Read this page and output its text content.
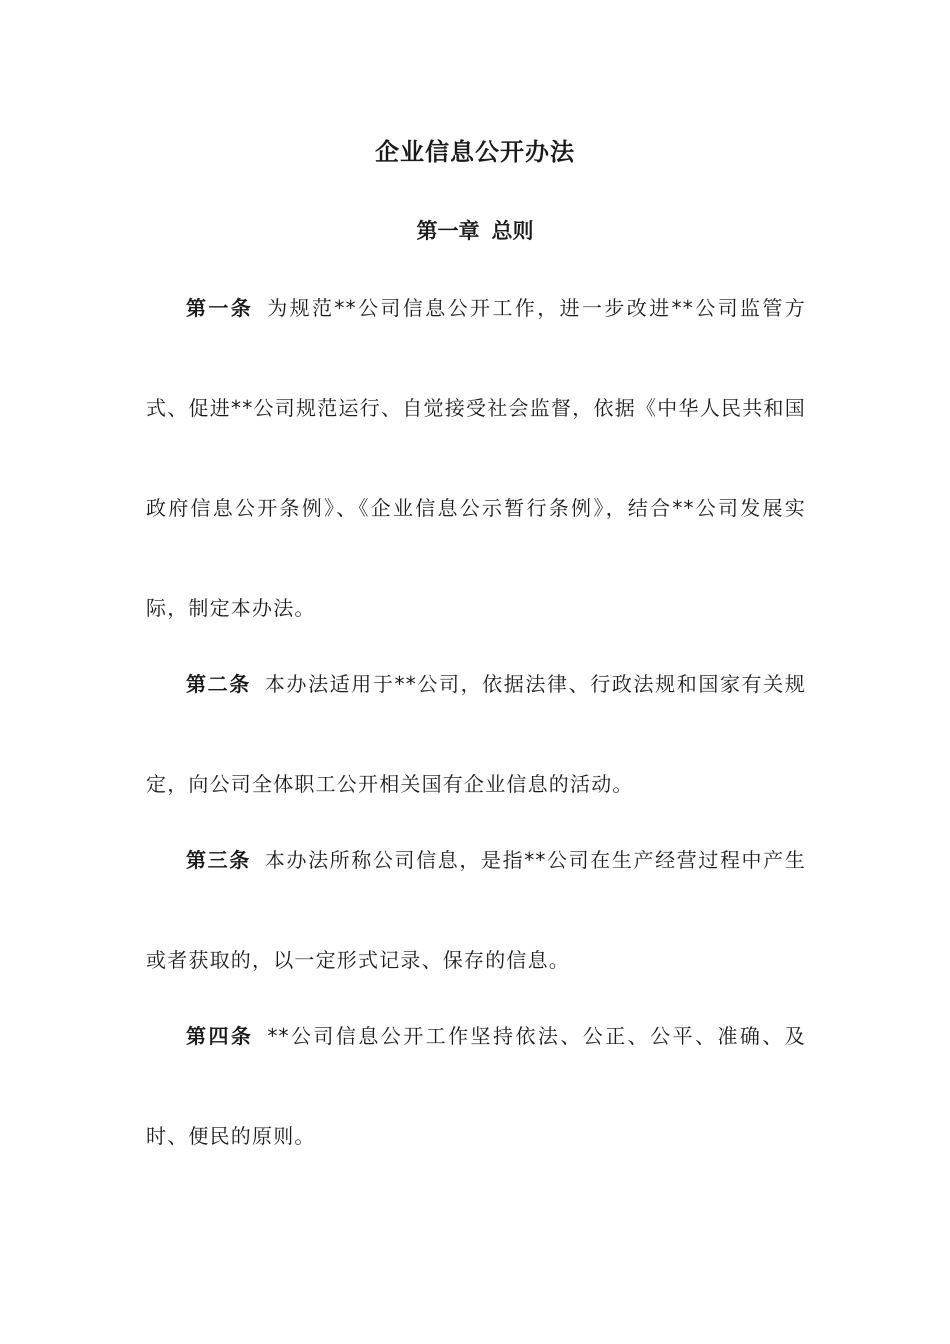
企业信息公开办法
第一章 总则

第一条 为规范**公司信息公开工作，进一步改进**公司监管方式、促进**公司规范运行、自觉接受社会监督，依据《中华人民共和国政府信息公开条例》、《企业信息公示暂行条例》，结合**公司发展实际，制定本办法。

第二条 本办法适用于**公司，依据法律、行政法规和国家有关规定，向公司全体职工公开相关国有企业信息的活动。

第三条 本办法所称公司信息，是指**公司在生产经营过程中产生或者获取的，以一定形式记录、保存的信息。

第四条 **公司信息公开工作坚持依法、公正、公平、准确、及时、便民的原则。
